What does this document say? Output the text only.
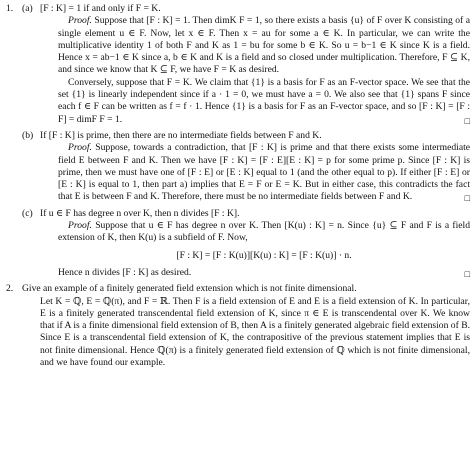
1. (a) [F : K] = 1 if and only if F = K.

Proof. Suppose that [F : K] = 1. Then dimK F = 1, so there exists a basis {u} of F over K consisting of a single element u ∈ F. Now, let x ∈ F. Then x = au for some a ∈ K. In particular, we can write the multiplicative identity 1 of both F and K as 1 = bu for some b ∈ K. So u = b−1 ∈ K since K is a field. Hence x = ab−1 ∈ K since a, b ∈ K and K is a field and so closed under multiplication. Therefore, F ⊆ K, and since we know that K ⊆ F, we have F = K as desired.

Conversely, suppose that F = K. We claim that {1} is a basis for F as an F-vector space. We see that the set {1} is linearly independent since if a · 1 = 0, we must have a = 0. We also see that {1} spans F since each f ∈ F can be written as f = f · 1. Hence {1} is a basis for F as an F-vector space, and so [F : K] = [F : F] = dimF F = 1.	□

(b) If [F : K] is prime, then there are no intermediate fields between F and K.

Proof. Suppose, towards a contradiction, that [F : K] is prime and that there exists some intermediate field E between F and K. Then we have [F : K] = [F : E][E : K] = p for some prime p. Since [F : K] is prime, then we must have one of [F : E] or [E : K] equal to 1 (and the other equal to p). If either [F : E] or [E : K] is equal to 1, then part a) implies that E = F or E = K. But in either case, this contradicts the fact that E is between F and K. Therefore, there must be no intermediate fields between F and K.	□

(c) If u ∈ F has degree n over K, then n divides [F : K].

Proof. Suppose that u ∈ F has degree n over K. Then [K(u) : K] = n. Since {u} ⊆ F and F is a field extension of K, then K(u) is a subfield of F. Now,

[F : K] = [F : K(u)][K(u) : K] = [F : K(u)] · n.

Hence n divides [F : K] as desired.	□

2. Give an example of a finitely generated field extension which is not finite dimensional.

Let K = ℚ, E = ℚ(π), and F = ℝ. Then F is a field extension of E and E is a field extension of K. In particular, E is a finitely generated transcendental field extension of K, since π ∈ E is transcendental over K. We know that if A is a finite dimensional field extension of B, then A is a finitely generated algebraic field extension of B. Since E is a transcendental field extension of K, the contrapositive of the previous statement implies that E is not finite dimensional. Hence ℚ(π) is a finitely generated field extension of ℚ which is not finite dimensional, and we have found our example.
